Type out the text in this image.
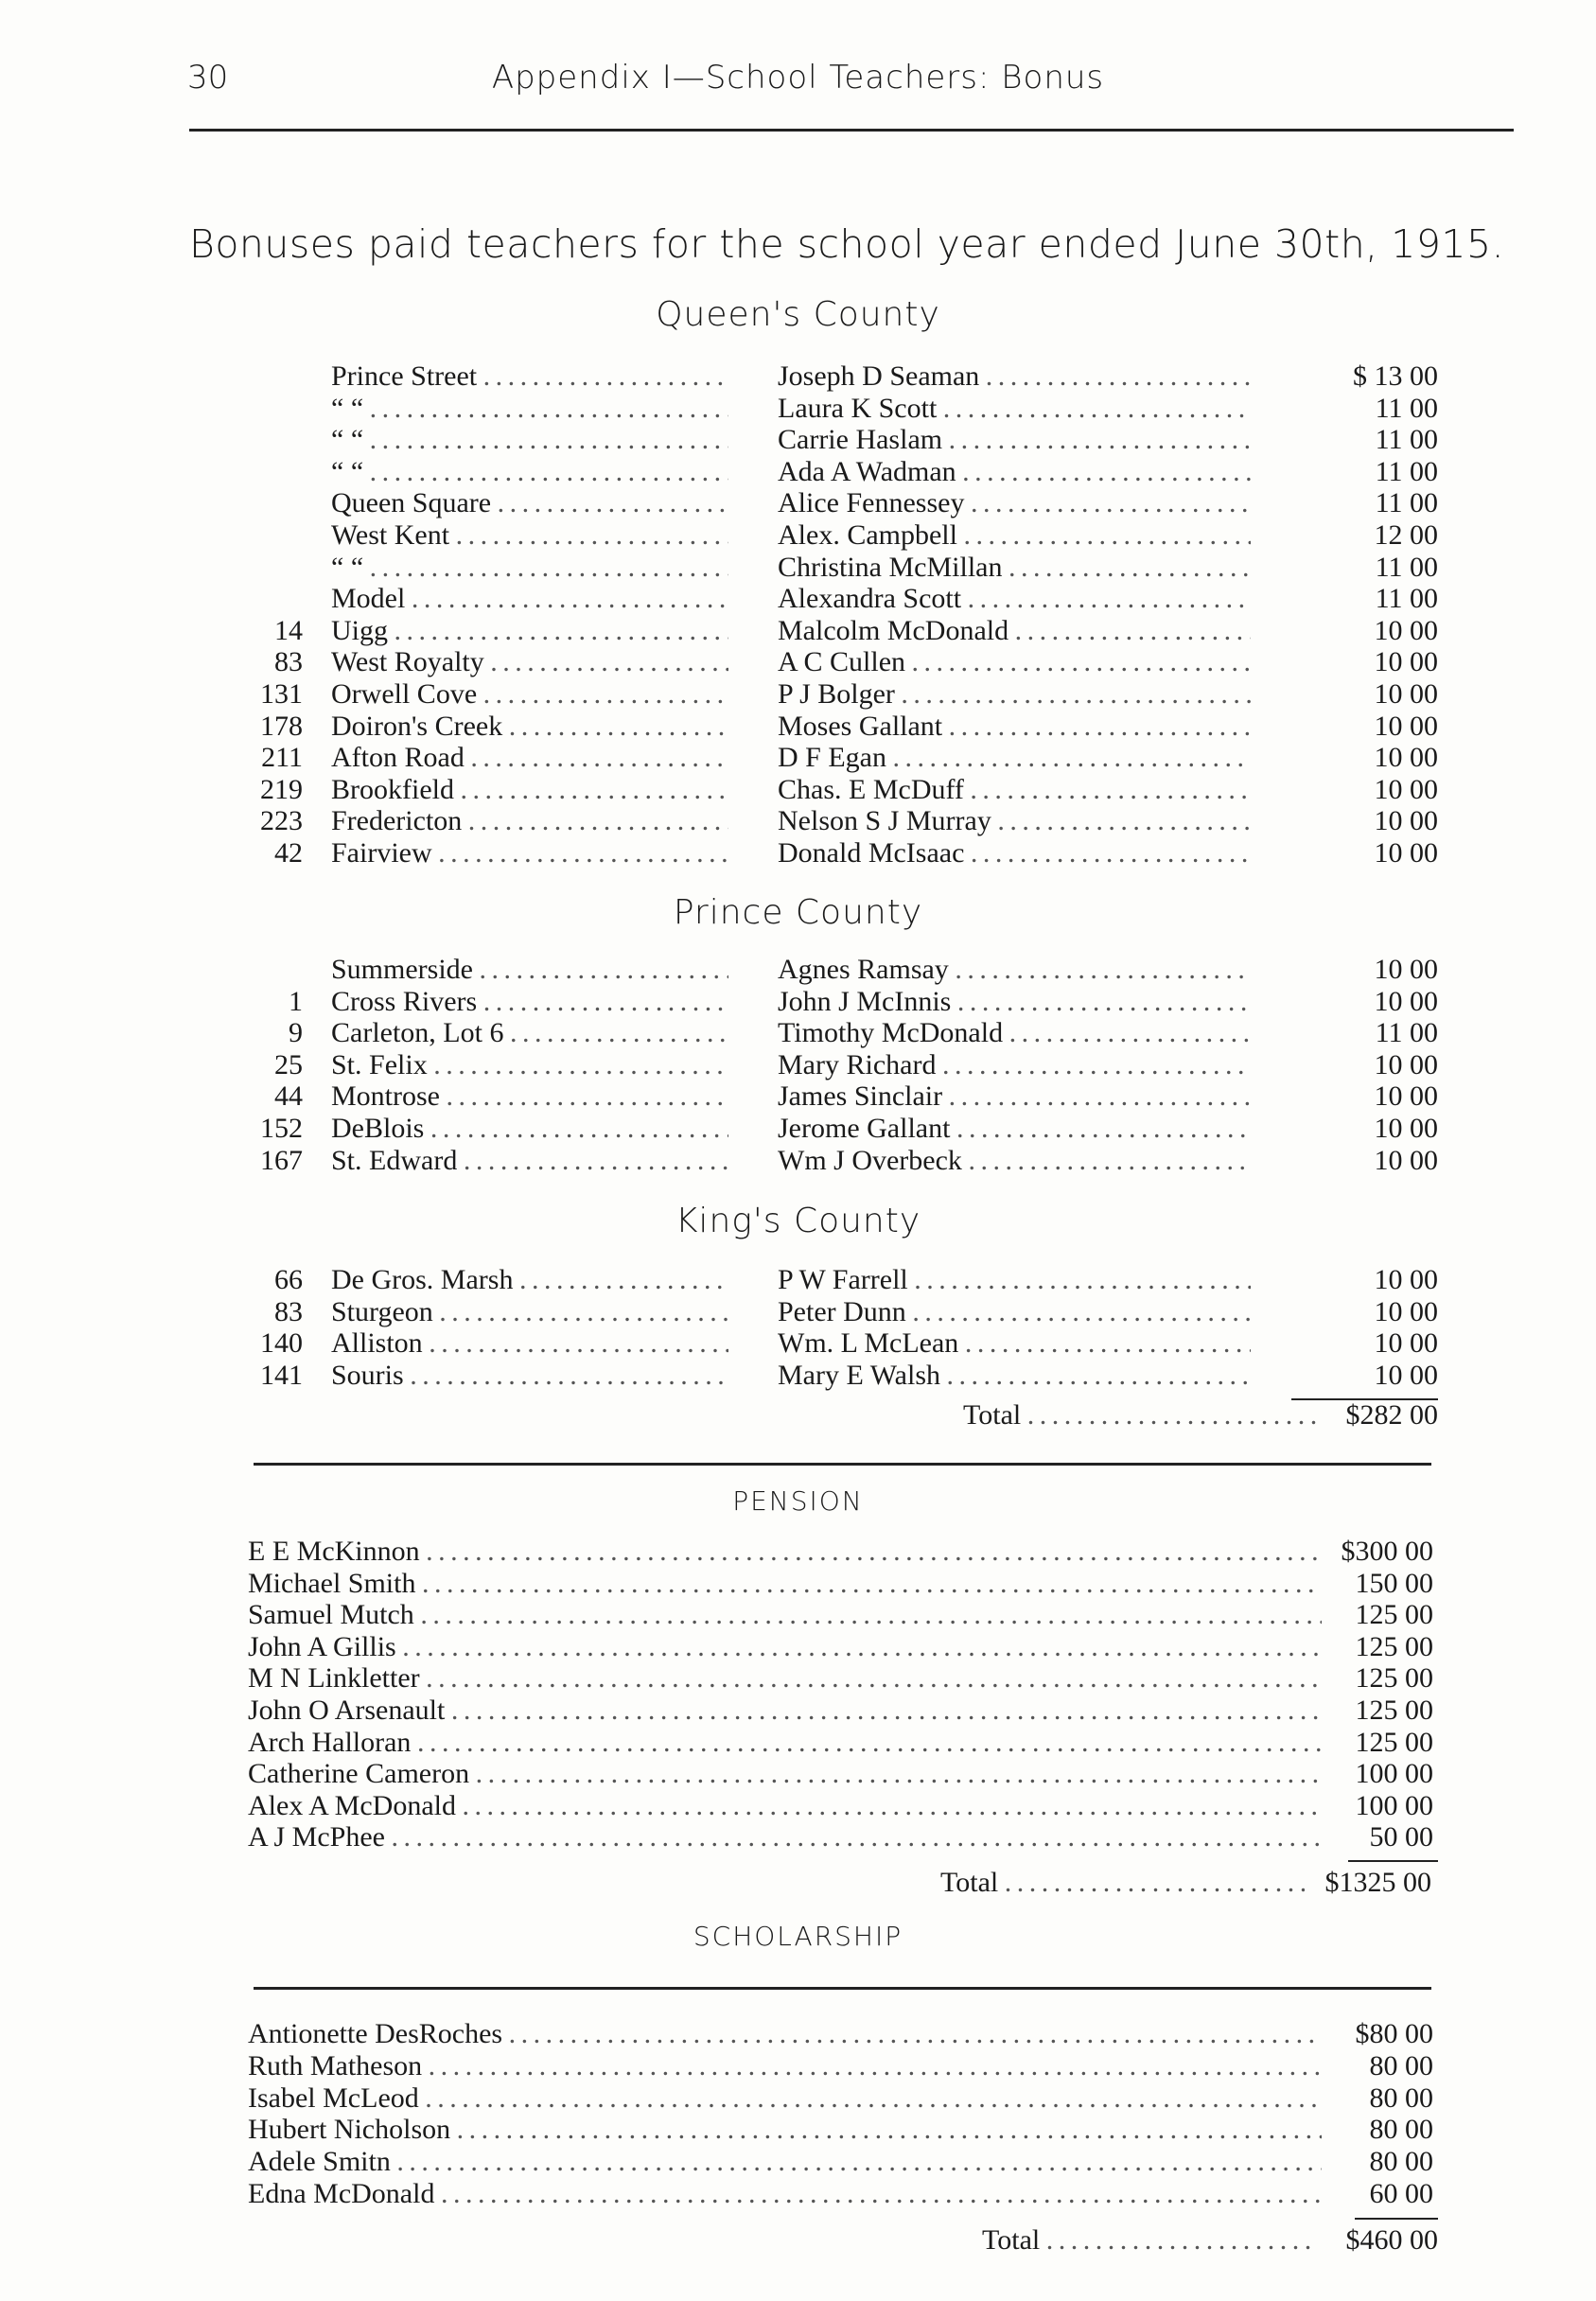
30	Appendix I—School Teachers: Bonus
Bonuses paid teachers for the school year ended June 30th, 1915.
Queen's County
Prince Street . . .	Joseph D Seaman . . .	$ 13 00
“ “ . . .	Laura K Scott . . .	11 00
“ “ . . .	Carrie Haslam . . .	11 00
“ “ . . .	Ada A Wadman . . .	11 00
Queen Square . . .	Alice Fennessey . . .	11 00
West Kent . . .	Alex. Campbell . . .	12 00
“ “ . . .	Christina McMillan . . .	11 00
Model . . .	Alexandra Scott . . .	11 00
14 Uigg . . .	Malcolm McDonald . . .	10 00
83 West Royalty . . .	A C Cullen . . .	10 00
131 Orwell Cove . . .	P J Bolger . . .	10 00
178 Doiron's Creek . . .	Moses Gallant . . .	10 00
211 Afton Road . . .	D F Egan . . .	10 00
219 Brookfield . . .	Chas. E McDuff . . .	10 00
223 Fredericton . . .	Nelson S J Murray . . .	10 00
42 Fairview . . .	Donald McIsaac . . .	10 00
Prince County
Summerside . . .	Agnes Ramsay . . .	10 00
1 Cross Rivers . . .	John J McInnis . . .	10 00
9 Carleton, Lot 6 . . .	Timothy McDonald . . .	11 00
25 St. Felix . . .	Mary Richard . . .	10 00
44 Montrose . . .	James Sinclair . . .	10 00
152 DeBlois . . .	Jerome Gallant . . .	10 00
167 St. Edward . . .	Wm J Overbeck . . .	10 00
King's County
66 De Gros. Marsh . . .	P W Farrell . . .	10 00
83 Sturgeon . . .	Peter Dunn . . .	10 00
140 Alliston . . .	Wm. L McLean . . .	10 00
141 Souris . . .	Mary E Walsh . . .	10 00
Total . . .	$282 00
PENSION
E E McKinnon . . .	$300 00
Michael Smith . . .	150 00
Samuel Mutch . . .	125 00
John A Gillis . . .	125 00
M N Linkletter . . .	125 00
John O Arsenault . . .	125 00
Arch Halloran . . .	125 00
Catherine Cameron . . .	100 00
Alex A McDonald . . .	100 00
A J McPhee . . .	50 00
Total . . .	$1325 00
SCHOLARSHIP
Antionette DesRoches . . .	$80 00
Ruth Matheson . . .	80 00
Isabel McLeod . . .	80 00
Hubert Nicholson . . .	80 00
Adele Smitn . . .	80 00
Edna McDonald . . .	60 00
Total . . .	$460 00
